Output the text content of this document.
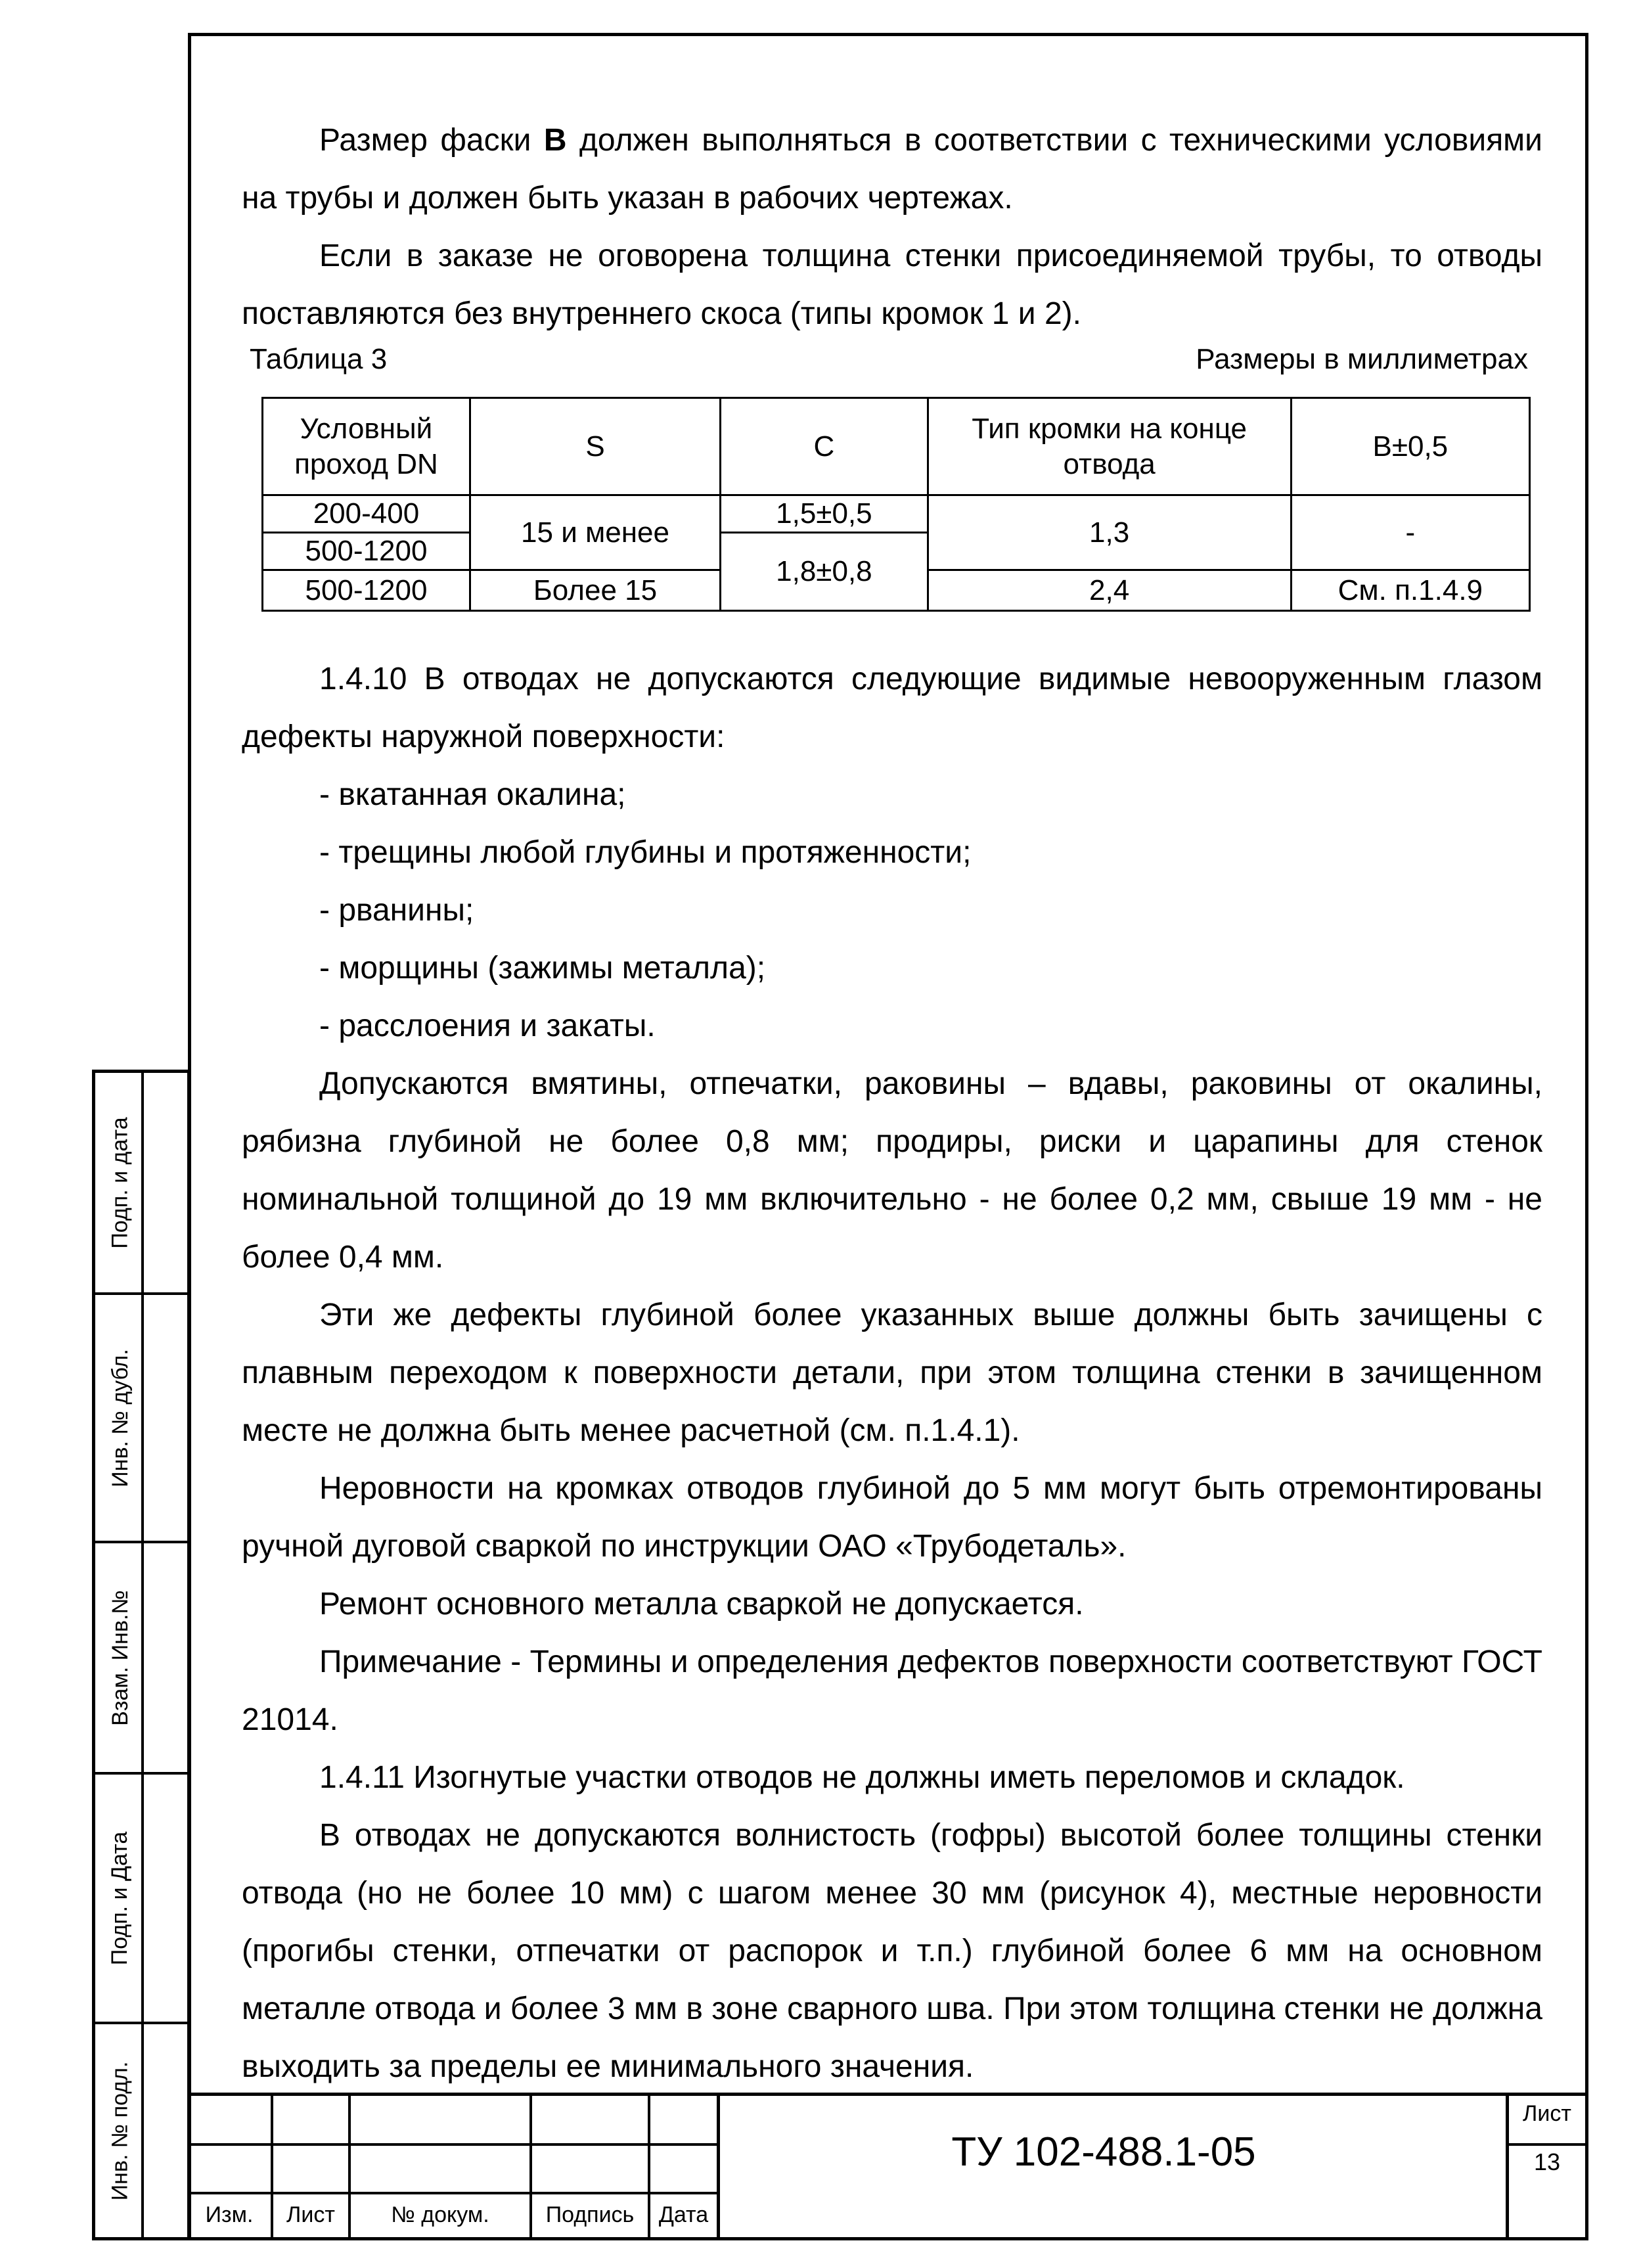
Размер фаски B должен выполняться в соответствии с техническими условиями на трубы и должен быть указан в рабочих чертежах.

Если в заказе не оговорена толщина стенки присоединяемой трубы, то отводы поставляются без внутреннего скоса (типы кромок 1 и 2).

Таблица 3	Размеры в миллиметрах
Условный проход DN	S	C	Тип кромки на конце отвода	B±0,5
200-400	15 и менее	1,5±0,5	1,3	-
500-1200		1,8±0,8		
500-1200	Более 15		2,4	См. п.1.4.9

1.4.10 В отводах не допускаются следующие видимые невооруженным глазом дефекты наружной поверхности:

- вкатанная окалина;

- трещины любой глубины и протяженности;

- рванины;

- морщины (зажимы металла);

- расслоения и закаты.

Допускаются вмятины, отпечатки, раковины – вдавы, раковины от окалины, рябизна глубиной не более 0,8 мм; продиры, риски и царапины для стенок номинальной толщиной до 19 мм включительно - не более 0,2 мм, свыше 19 мм - не более 0,4 мм.

Эти же дефекты глубиной более указанных выше должны быть зачищены с плавным переходом к поверхности детали, при этом толщина стенки в зачищенном месте не должна быть менее расчетной (см. п.1.4.1).

Неровности на кромках отводов глубиной до 5 мм могут быть отремонтированы ручной дуговой сваркой по инструкции ОАО «Трубодеталь».

Ремонт основного металла сваркой не допускается.

Примечание - Термины и определения дефектов поверхности соответствуют ГОСТ 21014.

1.4.11 Изогнутые участки отводов не должны иметь переломов и складок.

В отводах не допускаются волнистость (гофры) высотой более толщины стенки отвода (но не более 10 мм) с шагом менее 30 мм (рисунок 4), местные неровности (прогибы стенки, отпечатки от распорок и т.п.) глубиной более 6 мм на основном металле отвода и более 3 мм в зоне сварного шва. При этом толщина стенки не должна выходить за пределы ее минимального значения.

Подп. и дата
Инв. № дубл.
Взам. Инв.№
Подп. и Дата
Инв. № подл.
Изм.	Лист	№ докум.	Подпись	Дата
ТУ 102-488.1-05
Лист
13
